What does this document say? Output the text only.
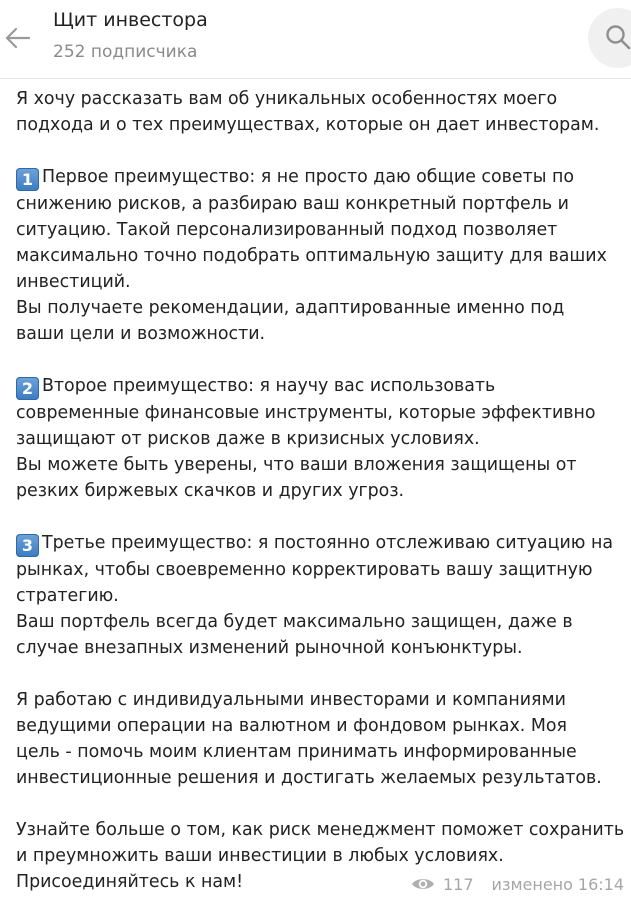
Щит инвестора
252 подписчика
Я хочу рассказать вам об уникальных особенностях моего
подхода и о тех преимуществах, которые он дает инвесторам.
1 Первое преимущество: я не просто даю общие советы по
снижению рисков, а разбираю ваш конкретный портфель и
ситуацию. Такой персонализированный подход позволяет
максимально точно подобрать оптимальную защиту для ваших
инвестиций.
Вы получаете рекомендации, адаптированные именно под
ваши цели и возможности.
2 Второе преимущество: я научу вас использовать
современные финансовые инструменты, которые эффективно
защищают от рисков даже в кризисных условиях.
Вы можете быть уверены, что ваши вложения защищены от
резких биржевых скачков и других угроз.
3 Третье преимущество: я постоянно отслеживаю ситуацию на
рынках, чтобы своевременно корректировать вашу защитную
стратегию.
Ваш портфель всегда будет максимально защищен, даже в
случае внезапных изменений рыночной конъюнктуры.
Я работаю с индивидуальными инвесторами и компаниями
ведущими операции на валютном и фондовом рынках. Моя
цель - помочь моим клиентам принимать информированные
инвестиционные решения и достигать желаемых результатов.
Узнайте больше о том, как риск менеджмент поможет сохранить
и преумножить ваши инвестиции в любых условиях.
Присоединяйтесь к нам!	117 изменено 16:14
